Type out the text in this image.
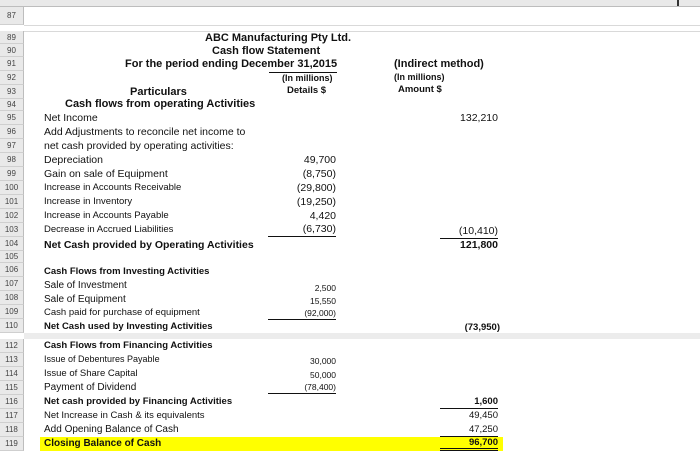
87
89
90
91
92
93
94
95
96
97
98
99
100
101
102
103
104
105
106
107
108
109
110
112
113
114
115
116
117
118
119
ABC Manufacturing Pty Ltd.
Cash flow Statement
For the period ending December 31,2015
(In millions)
Details $
(Indirect method)
(In millions)
Amount $
Particulars
Cash flows from operating Activities
Net Income	132,210
Add Adjustments to reconcile net income to
net cash provided by operating activities:
Depreciation	49,700
Gain on sale of Equipment	(8,750)
Increase in Accounts Receivable	(29,800)
Increase in Inventory	(19,250)
Increase in Accounts Payable	4,420
Decrease in Accrued Liabilities	(6,730)	(10,410)
Net Cash provided by Operating Activities	121,800
Cash Flows from Investing Activities
Sale of Investment	2,500
Sale of Equipment	15,550
Cash paid for purchase of equipment	(92,000)
Net Cash used by Investing Activities	(73,950)
Cash Flows from Financing Activities
Issue of Debentures Payable	30,000
Issue of Share Capital	50,000
Payment of Dividend	(78,400)
Net cash provided by Financing Activities	1,600
Net Increase in Cash & its equivalents	49,450
Add Opening Balance of Cash	47,250
Closing Balance of Cash	96,700
